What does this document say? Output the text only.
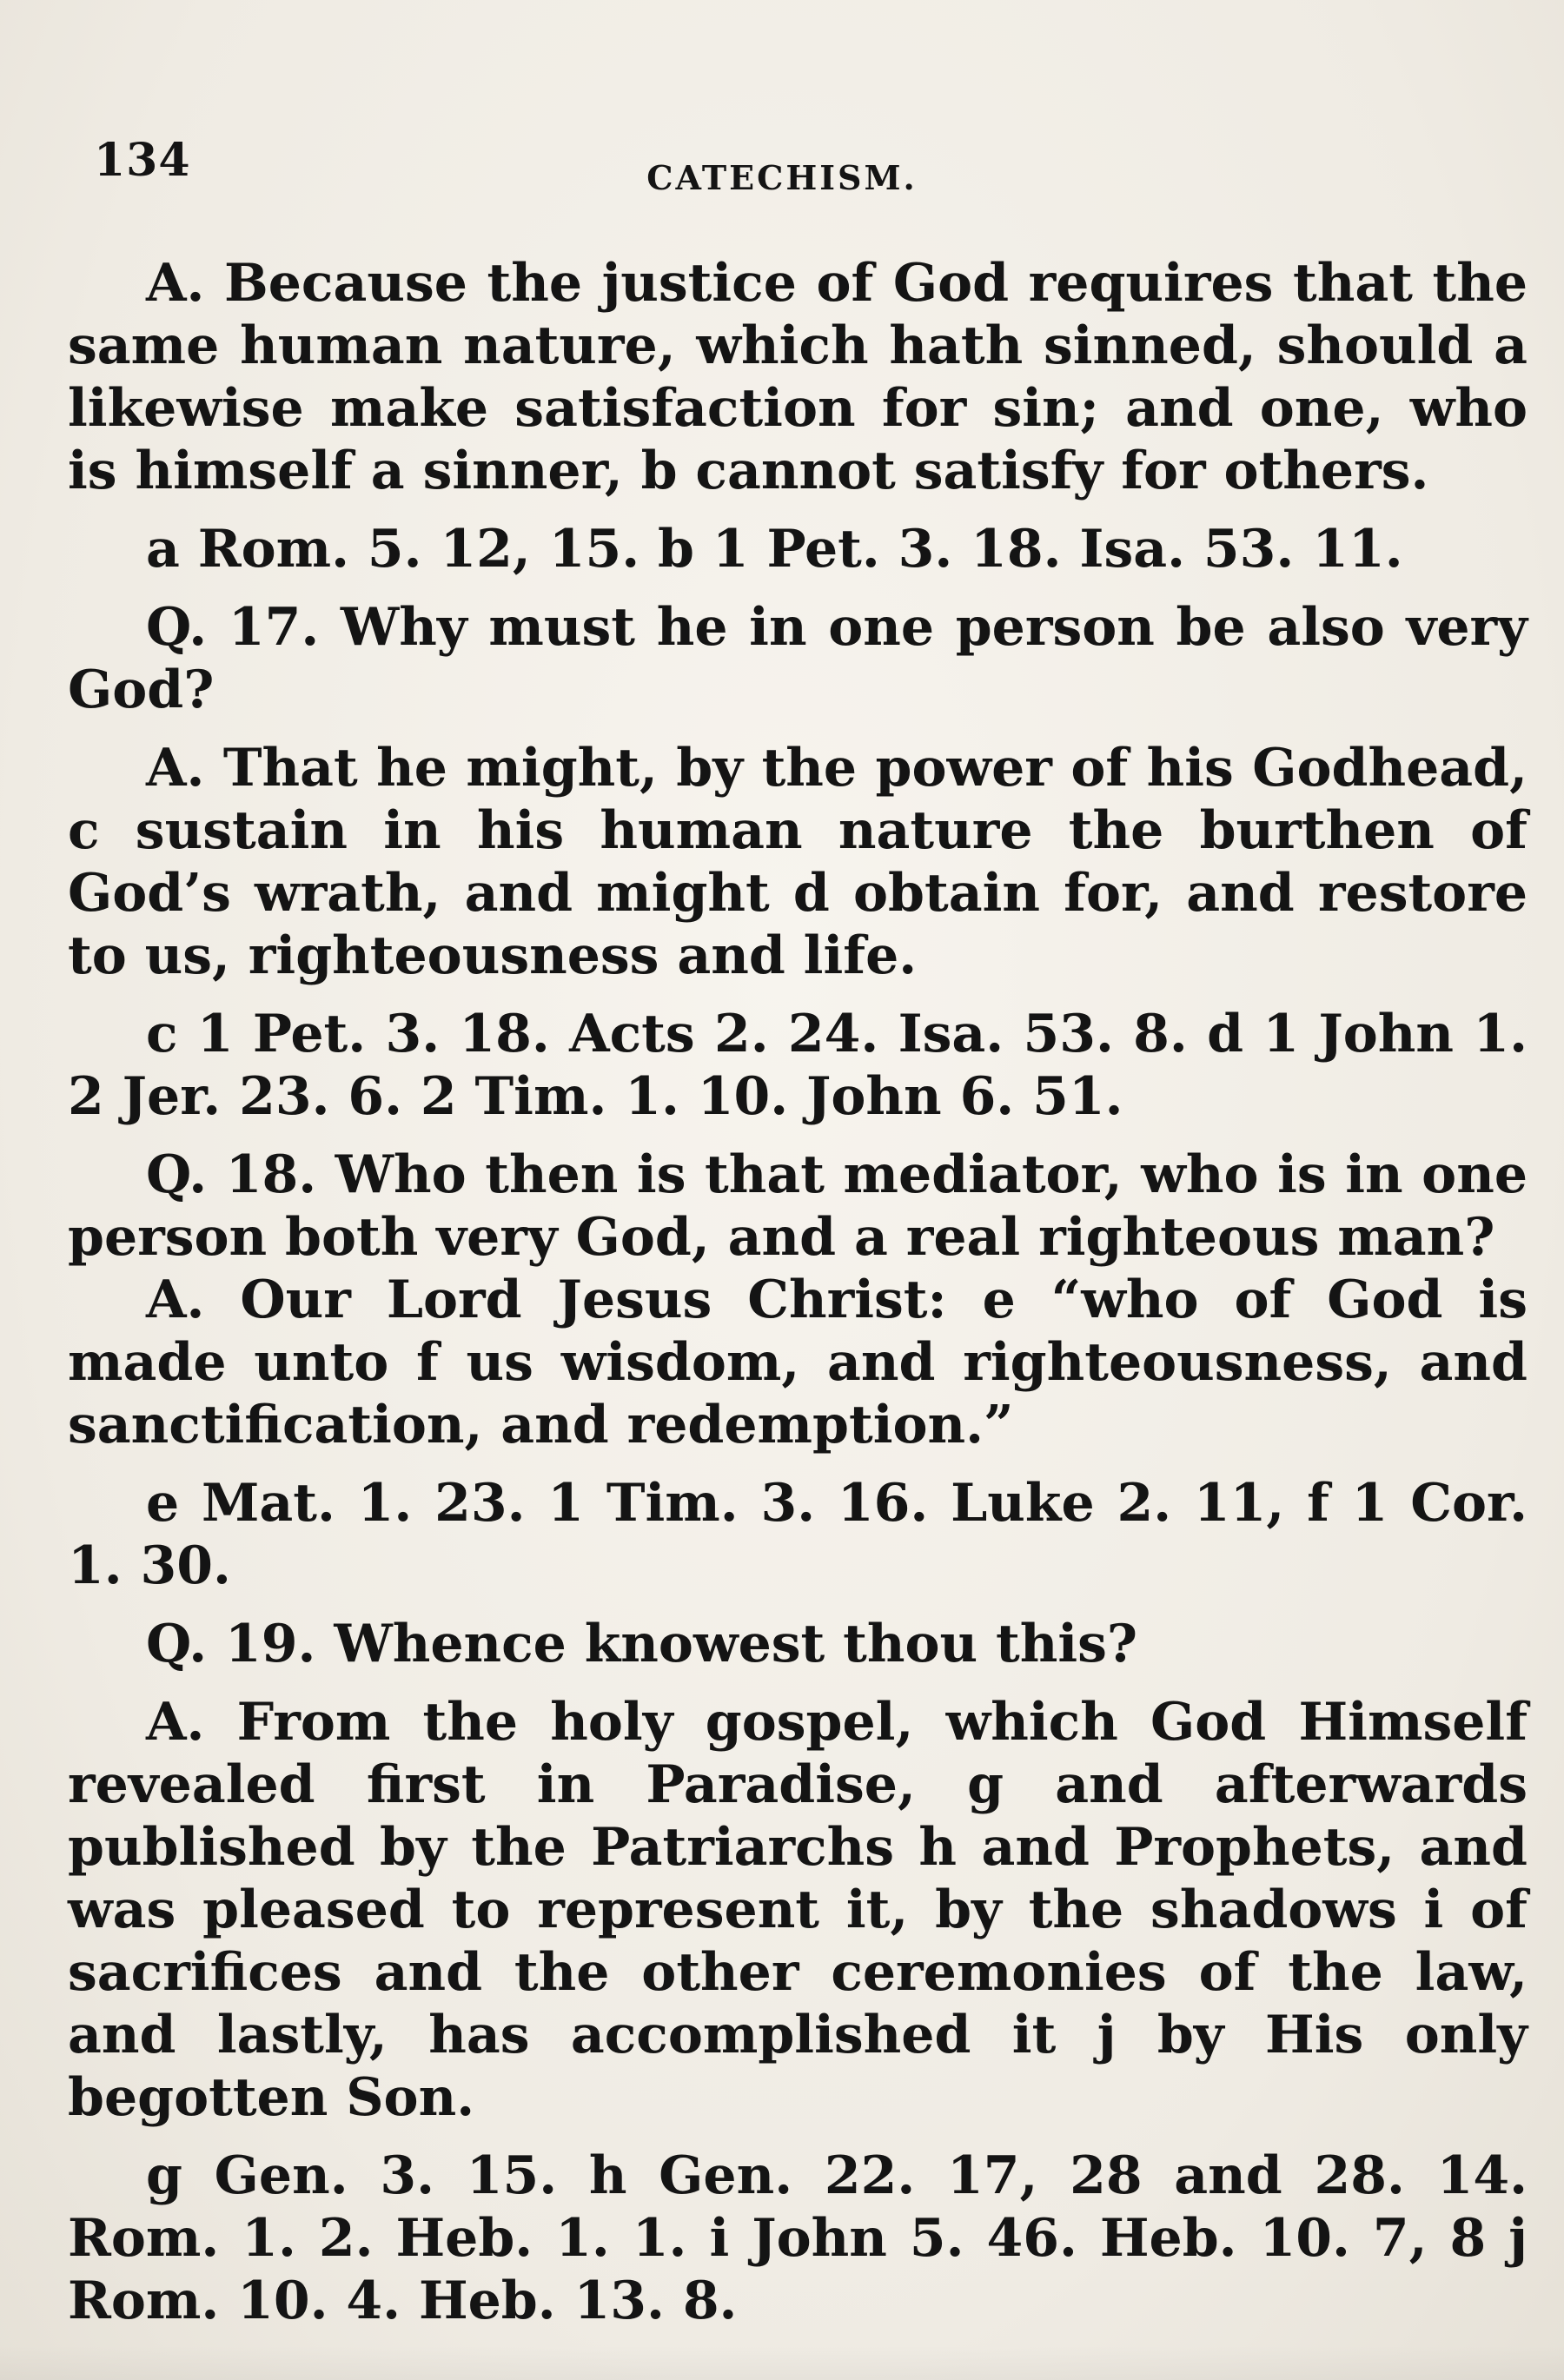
134	CATECHISM.

A. Because the justice of God requires that the same human nature, which hath sinned, should a likewise make satisfaction for sin; and one, who is himself a sinner, b cannot satisfy for others.

a Rom. 5. 12, 15. b 1 Pet. 3. 18. Isa. 53. 11.

Q. 17. Why must he in one person be also very God?

A. That he might, by the power of his Godhead, c sustain in his human nature the burthen of God’s wrath, and might d obtain for, and restore to us, righteousness and life.

c 1 Pet. 3. 18. Acts 2. 24. Isa. 53. 8. d 1 John 1. 2 Jer. 23. 6. 2 Tim. 1. 10. John 6. 51.

Q. 18. Who then is that mediator, who is in one person both very God, and a real righteous man?

A. Our Lord Jesus Christ: e “who of God is made unto f us wisdom, and righteousness, and sanctification, and redemption.”

e Mat. 1. 23. 1 Tim. 3. 16. Luke 2. 11, f 1 Cor. 1. 30.

Q. 19. Whence knowest thou this?

A. From the holy gospel, which God Himself revealed first in Paradise, g and afterwards published by the Patriarchs h and Prophets, and was pleased to represent it, by the shadows i of sacrifices and the other ceremonies of the law, and lastly, has accomplished it j by His only begotten Son.

g Gen. 3. 15. h Gen. 22. 17, 28 and 28. 14. Rom. 1. 2. Heb. 1. 1. i John 5. 46. Heb. 10. 7, 8 j Rom. 10. 4. Heb. 13. 8.
